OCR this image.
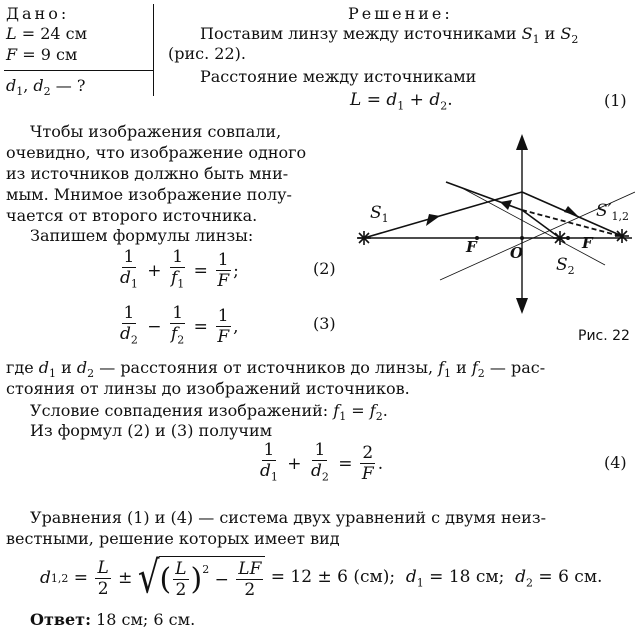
Дано:
L = 24 см
F = 9 см
$d_1$, $d_2$ — ?
Решение:
Поставим линзу между источниками $S_1$ и $S_2$
(рис. 22).
Расстояние между источниками
$L = d_1 + d_2$.	(1)
Чтобы изображения совпали,
очевидно, что изображение одного
из источников должно быть мни-
мым. Мнимое изображение полу-
чается от второго источника.
Запишем формулы линзы:
$\frac{1}{d_1} + \frac{1}{f_1} = \frac{1}{F}$ ;	(2)
$\frac{1}{d_2} - \frac{1}{f_2} = \frac{1}{F}$ ,	(3)
$S_1$	$S'_{1,2}$
$S_2$
F	F
O
Рис. 22
где $d_1$ и $d_2$ — расстояния от источников до линзы, $f_1$ и $f_2$ — рас-
стояния от линзы до изображений источников.
Условие совпадения изображений: $f_1 = f_2$.
Из формул (2) и (3) получим
$\frac{1}{d_1} + \frac{1}{d_2} = \frac{2}{F}$ .	(4)
Уравнения (1) и (4) — система двух уравнений с двумя неиз-
вестными, решение которых имеет вид
d $1,2 = \frac{L}{2}$ ± √ ( $\frac{L}{2} )^2 - \frac{LF}{2} = 12 \pm 6$ (см);  $d_1 = 18$ см;  $d_2 = 6$ см.
Ответ: 18 см; 6 см.
